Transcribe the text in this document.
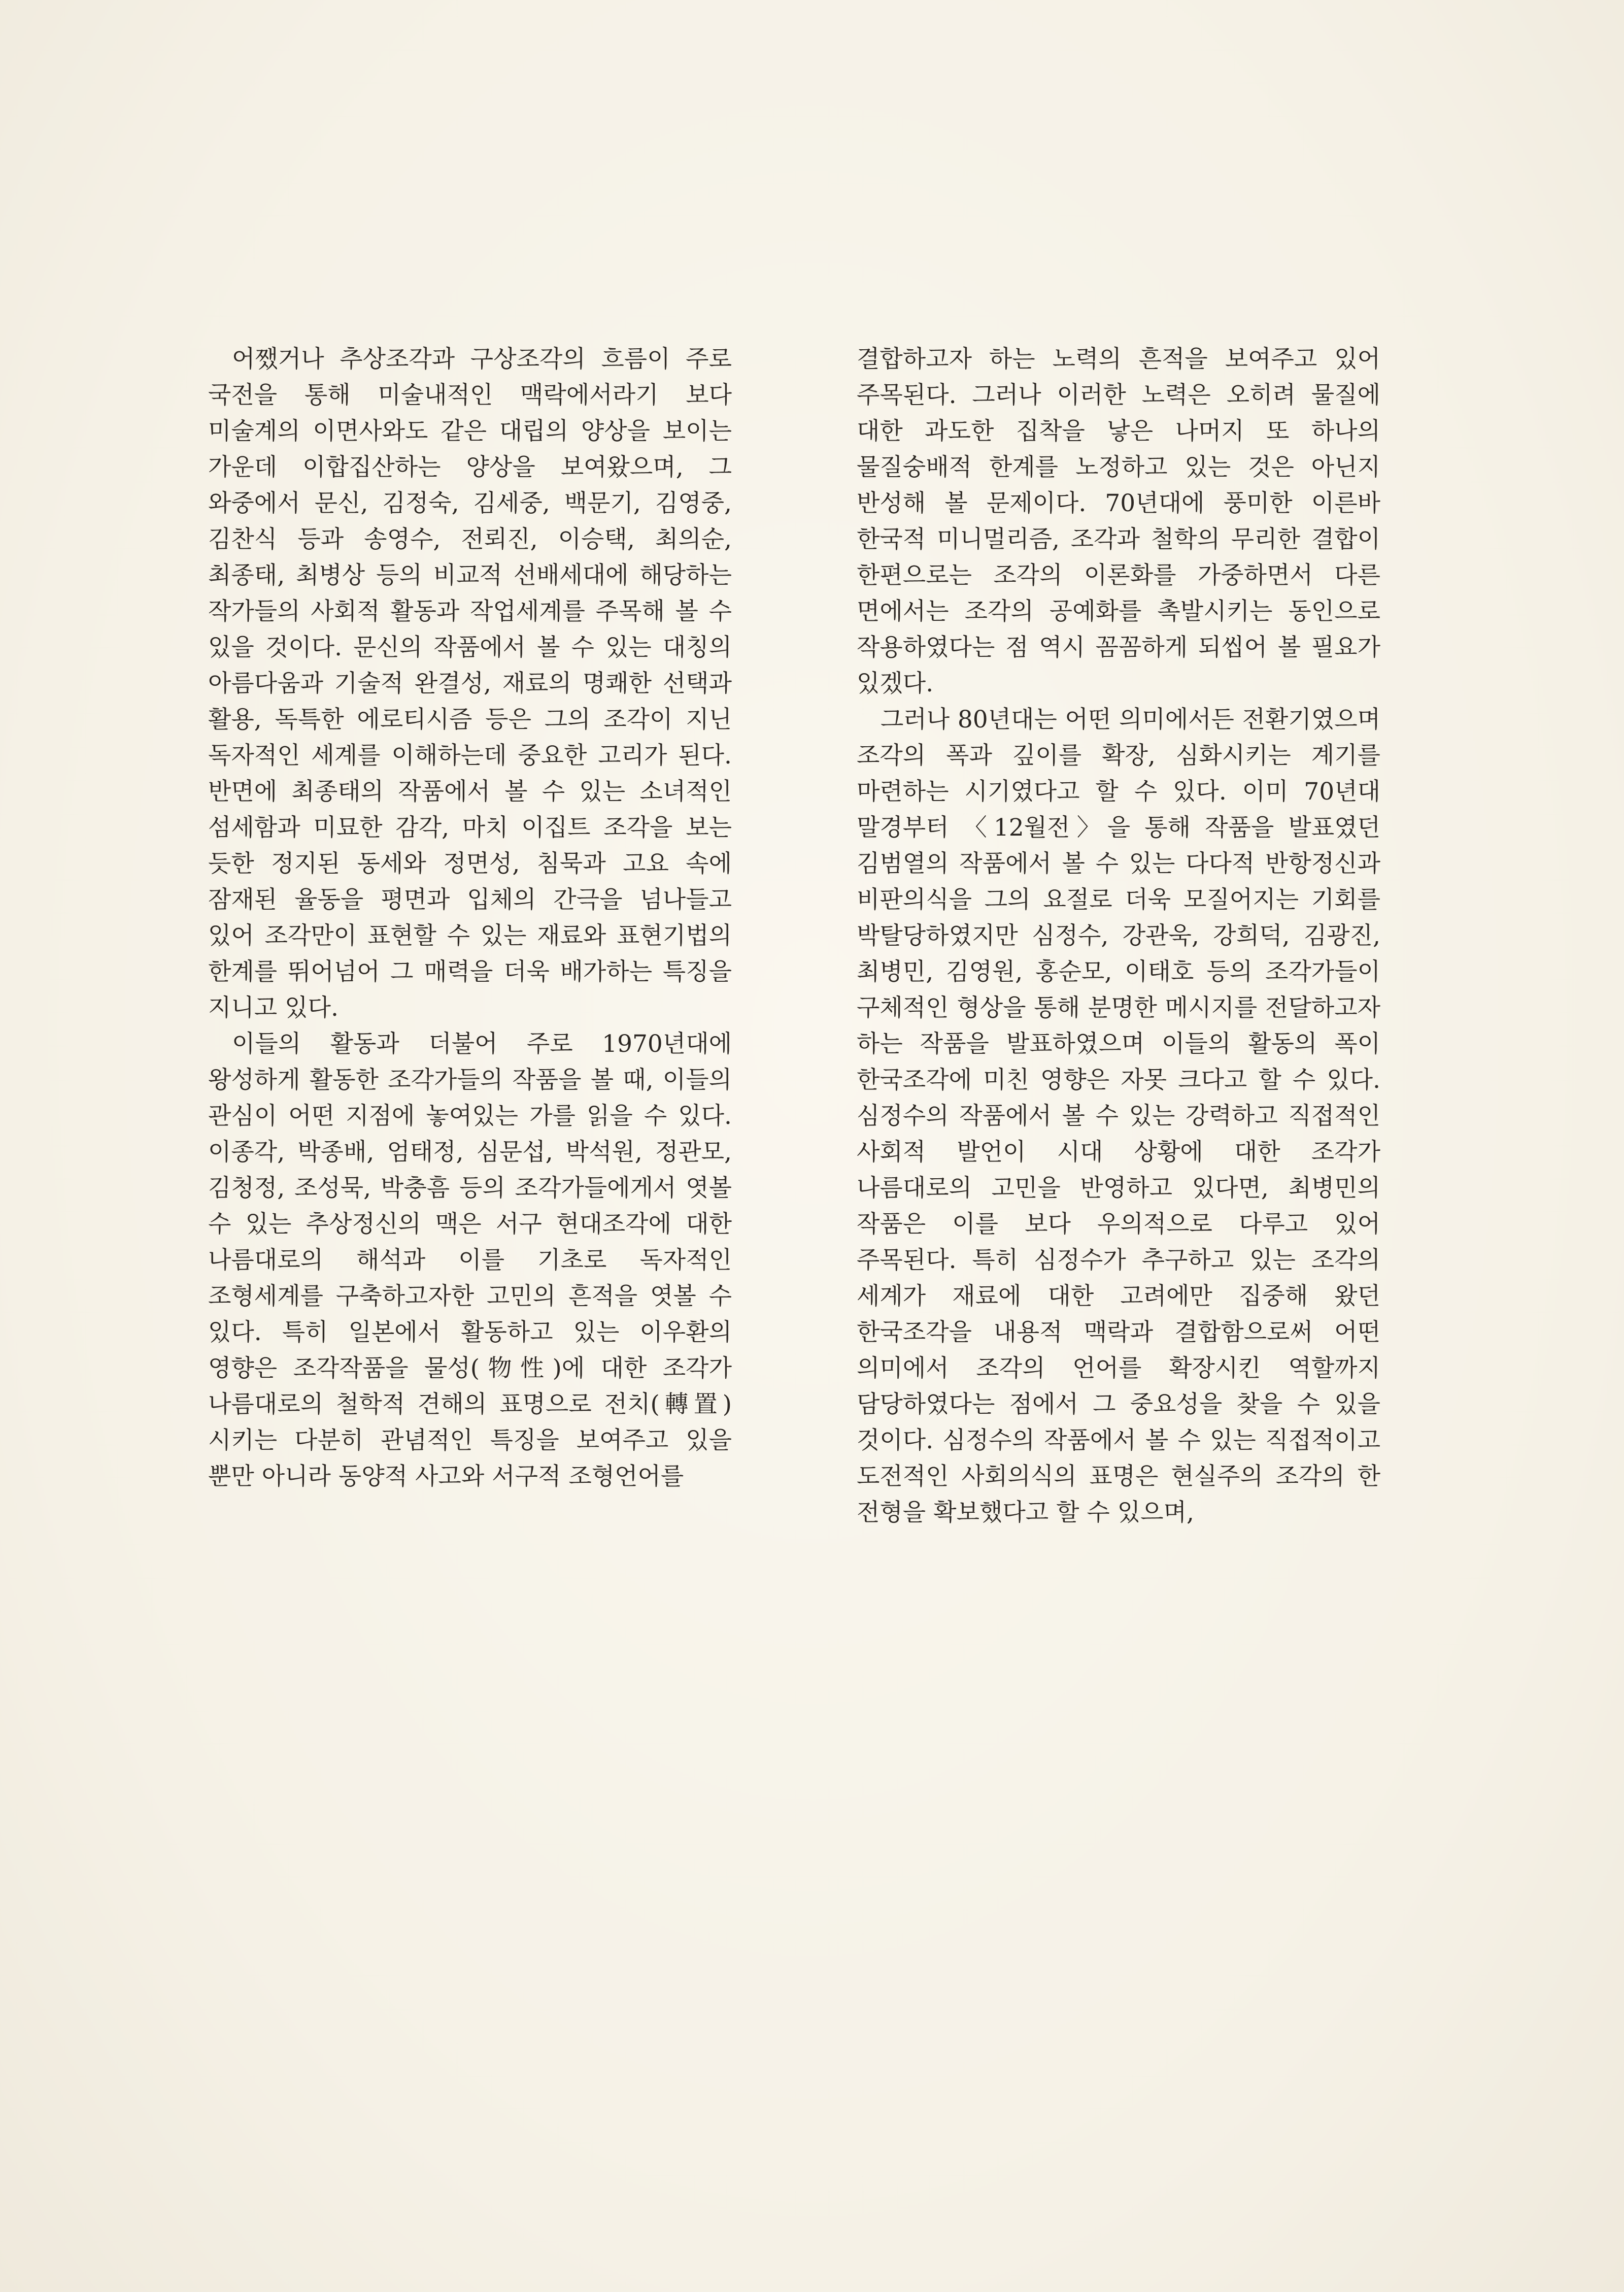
어쨌거나 추상조각과 구상조각의 흐름이 주로 국전을 통해 미술내적인 맥락에서라기 보다 미술계의 이면사와도 같은 대립의 양상을 보이는 가운데 이합집산하는 양상을 보여왔으며, 그 와중에서 문신, 김정숙, 김세중, 백문기, 김영중, 김찬식 등과 송영수, 전뢰진, 이승택, 최의순, 최종태, 최병상 등의 비교적 선배세대에 해당하는 작가들의 사회적 활동과 작업세계를 주목해 볼 수 있을 것이다. 문신의 작품에서 볼 수 있는 대칭의 아름다움과 기술적 완결성, 재료의 명쾌한 선택과 활용, 독특한 에로티시즘 등은 그의 조각이 지닌 독자적인 세계를 이해하는데 중요한 고리가 된다. 반면에 최종태의 작품에서 볼 수 있는 소녀적인 섬세함과 미묘한 감각, 마치 이집트 조각을 보는 듯한 정지된 동세와 정면성, 침묵과 고요 속에 잠재된 율동을 평면과 입체의 간극을 넘나들고 있어 조각만이 표현할 수 있는 재료와 표현기법의 한계를 뛰어넘어 그 매력을 더욱 배가하는 특징을 지니고 있다.

이들의 활동과 더불어 주로 1970년대에 왕성하게 활동한 조각가들의 작품을 볼 때, 이들의 관심이 어떤 지점에 놓여있는 가를 읽을 수 있다. 이종각, 박종배, 엄태정, 심문섭, 박석원, 정관모, 김청정, 조성묵, 박충흠 등의 조각가들에게서 엿볼 수 있는 추상정신의 맥은 서구 현대조각에 대한 나름대로의 해석과 이를 기초로 독자적인 조형세계를 구축하고자한 고민의 흔적을 엿볼 수 있다. 특히 일본에서 활동하고 있는 이우환의 영향은 조각작품을 물성(物性)에 대한 조각가 나름대로의 철학적 견해의 표명으로 전치(轉置)시키는 다분히 관념적인 특징을 보여주고 있을 뿐만 아니라 동양적 사고와 서구적 조형언어를

결합하고자 하는 노력의 흔적을 보여주고 있어 주목된다. 그러나 이러한 노력은 오히려 물질에 대한 과도한 집착을 낳은 나머지 또 하나의 물질숭배적 한계를 노정하고 있는 것은 아닌지 반성해 볼 문제이다. 70년대에 풍미한 이른바 한국적 미니멀리즘, 조각과 철학의 무리한 결합이 한편으로는 조각의 이론화를 가중하면서 다른 면에서는 조각의 공예화를 촉발시키는 동인으로 작용하였다는 점 역시 꼼꼼하게 되씹어 볼 필요가 있겠다.

그러나 80년대는 어떤 의미에서든 전환기였으며 조각의 폭과 깊이를 확장, 심화시키는 계기를 마련하는 시기였다고 할 수 있다. 이미 70년대 말경부터 〈12월전〉을 통해 작품을 발표였던 김범열의 작품에서 볼 수 있는 다다적 반항정신과 비판의식을 그의 요절로 더욱 모질어지는 기회를 박탈당하였지만 심정수, 강관욱, 강희덕, 김광진, 최병민, 김영원, 홍순모, 이태호 등의 조각가들이 구체적인 형상을 통해 분명한 메시지를 전달하고자 하는 작품을 발표하였으며 이들의 활동의 폭이 한국조각에 미친 영향은 자못 크다고 할 수 있다. 심정수의 작품에서 볼 수 있는 강력하고 직접적인 사회적 발언이 시대 상황에 대한 조각가 나름대로의 고민을 반영하고 있다면, 최병민의 작품은 이를 보다 우의적으로 다루고 있어 주목된다. 특히 심정수가 추구하고 있는 조각의 세계가 재료에 대한 고려에만 집중해 왔던 한국조각을 내용적 맥락과 결합함으로써 어떤 의미에서 조각의 언어를 확장시킨 역할까지 담당하였다는 점에서 그 중요성을 찾을 수 있을 것이다. 심정수의 작품에서 볼 수 있는 직접적이고 도전적인 사회의식의 표명은 현실주의 조각의 한 전형을 확보했다고 할 수 있으며,
